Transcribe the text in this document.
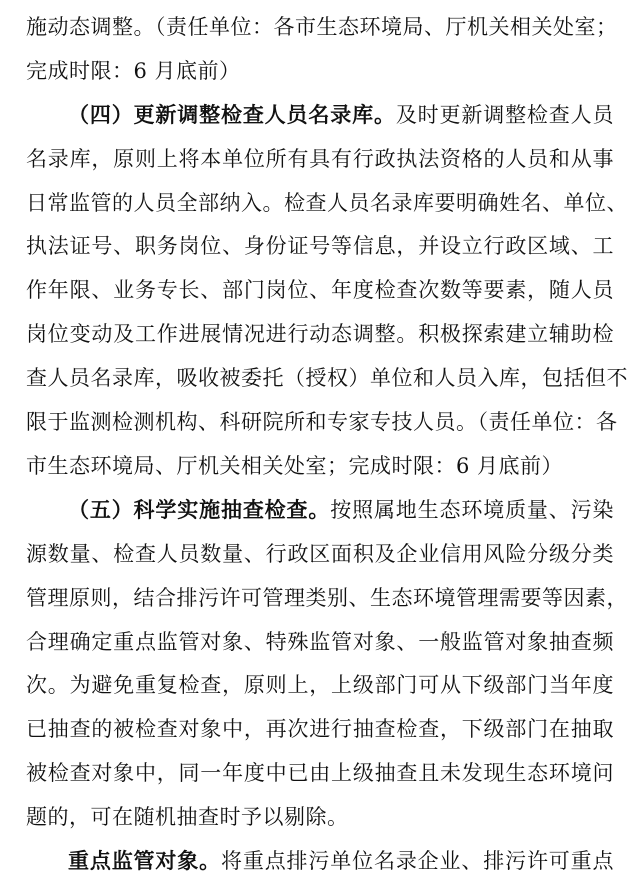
施动态调整。（责任单位：各市生态环境局、厅机关相关处室；
完成时限：6 月底前）
（四）更新调整检查人员名录库。及时更新调整检查人员
名录库，原则上将本单位所有具有行政执法资格的人员和从事
日常监管的人员全部纳入。检查人员名录库要明确姓名、单位、
执法证号、职务岗位、身份证号等信息，并设立行政区域、工
作年限、业务专长、部门岗位、年度检查次数等要素，随人员
岗位变动及工作进展情况进行动态调整。积极探索建立辅助检
查人员名录库，吸收被委托（授权）单位和人员入库，包括但不
限于监测检测机构、科研院所和专家专技人员。（责任单位：各
市生态环境局、厅机关相关处室；完成时限：6 月底前）
（五）科学实施抽查检查。按照属地生态环境质量、污染
源数量、检查人员数量、行政区面积及企业信用风险分级分类
管理原则，结合排污许可管理类别、生态环境管理需要等因素，
合理确定重点监管对象、特殊监管对象、一般监管对象抽查频
次。为避免重复检查，原则上，上级部门可从下级部门当年度
已抽查的被检查对象中，再次进行抽查检查，下级部门在抽取
被检查对象中，同一年度中已由上级抽查且未发现生态环境问
题的，可在随机抽查时予以剔除。
重点监管对象。将重点排污单位名录企业、排污许可重点
